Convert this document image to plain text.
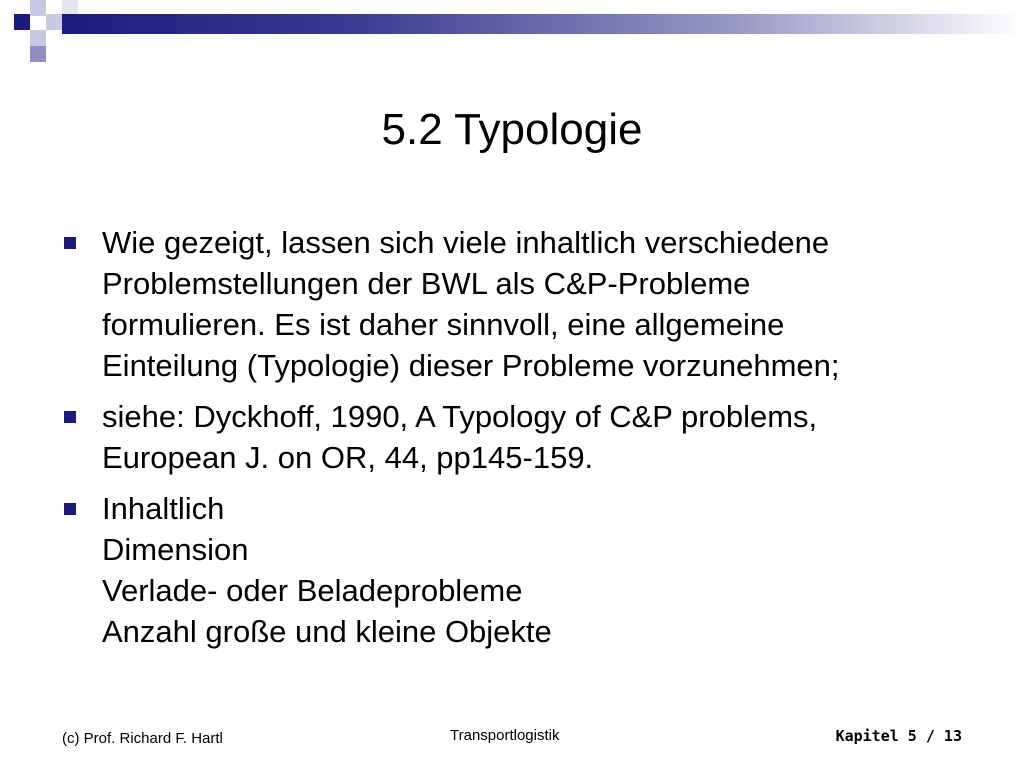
5.2 Typologie
Wie gezeigt, lassen sich viele inhaltlich verschiedene
Problemstellungen der BWL als C&P-Probleme
formulieren. Es ist daher sinnvoll, eine allgemeine
Einteilung (Typologie) dieser Probleme vorzunehmen;
siehe: Dyckhoff, 1990, A Typology of C&P problems,
European J. on OR, 44, pp145-159.
Inhaltlich
Dimension
Verlade- oder Beladeprobleme
Anzahl große und kleine Objekte
(c) Prof. Richard F. Hartl	Transportlogistik	Kapitel 5 / 13
